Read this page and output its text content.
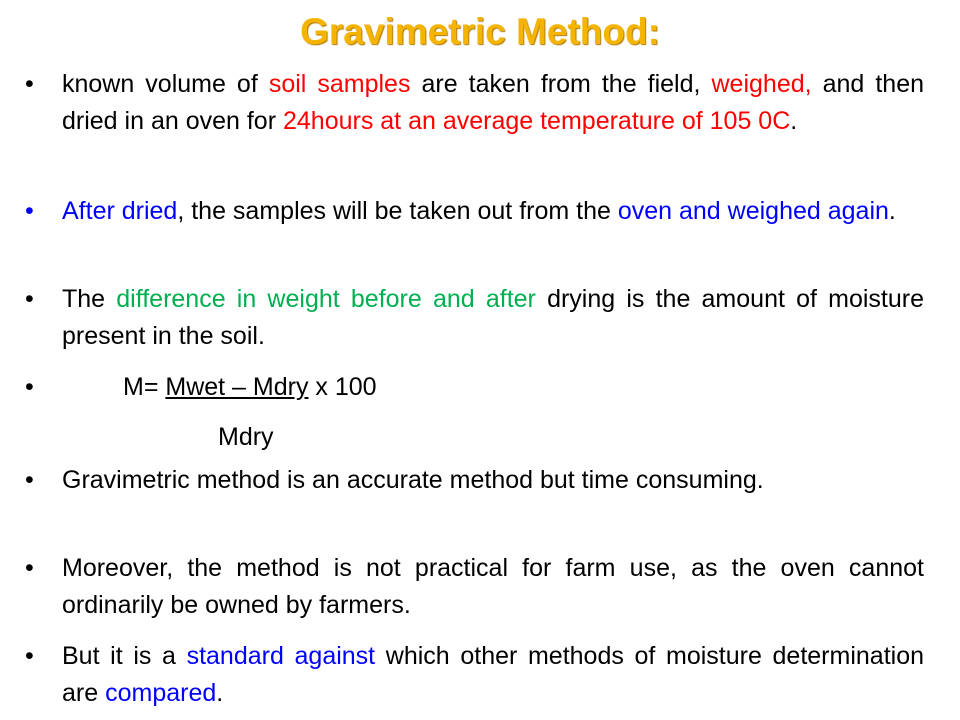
Gravimetric Method:
• known volume of soil samples are taken from the field, weighed, and then dried in an oven for 24hours at an average temperature of 105 0C.
• After dried, the samples will be taken out from the oven and weighed again.
• The difference in weight before and after drying is the amount of moisture present in the soil.
•	M= Mwet – Mdry x 100
Mdry
• Gravimetric method is an accurate method but time consuming.
• Moreover, the method is not practical for farm use, as the oven cannot ordinarily be owned by farmers.
• But it is a standard against which other methods of moisture determination are compared.
